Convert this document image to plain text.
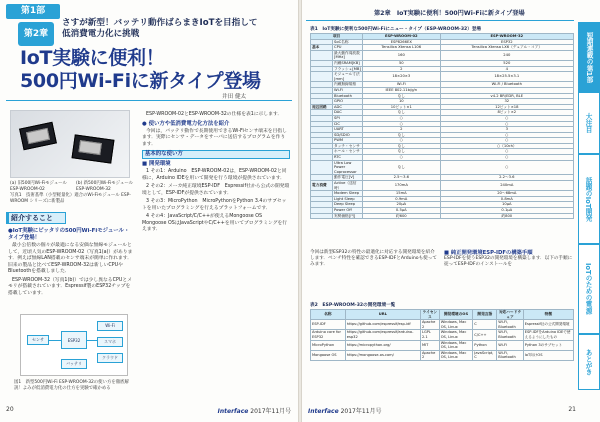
第1部
第2章
さすが新型！バッテリ動作ばらまきIoTを目指して
低消費電力化に挑戦
IoT実験に便利！
500円Wi-Fiに新タイプ登場
井田 健太
(a) 旧500円Wi-Fiモジュール ESP-WROOM-02
(b) 新500円Wi-Fiモジュール ESP-WROOM-32
写真1　技術基準（小型軽量化）適合のWi-Fiモジュール ESP-WROOM シリーズに新製品
紹介すること
●IoT実験にピッタリの500円Wi-Fiモジュール・タイプ登場！

最小公倍数の個々が最適になる安価な無線モジュールとして，近頃人気のESP-WROOM-02（写真1(a)）があります．例えば無線LAN搭載のセンサ端末が簡単に作れます．旧来の製品と比べてESP-WROOM-32は新しいCPUやBluetoothを搭載しました．

ESP-WROOM-32（写真1(b)）では少し異なるCPUとメモリが搭載されています．Espressif製のESP32チップを搭載しています．

センサ	ESP32
Wi-Fi
スマホ
クラウド
バッテリ
図1　新型500円Wi-Fi ESP-WROOM-32の使い方を徹底解説！よみが低消費電力化の仕方を実験で確かめる

ESP-WROOM-02とESP-WROOM-32の仕様を表1に示します．

● 使い方や低消費電力化方法を紹介

今回は，バッテリ動作で長期使用できるWi-Fiセンサ端末を目指します．実際にセンサ・データをサーバに送信するプログラムを作ります．

基本的な使い方
■ 開発環境

1 その1：Arduino　ESP-WROOM-02は，ESP-WROOM-02と同様に，Arduino IDEを用いて開発を行う環境が提供されています．

2 その2：メーカ純正環境ESP-IDF　Espressif社から公式の開発環境として，ESP-IDFが提供されています．

3 その3：MicroPython　MicroPythonをPython 3.4のサブセットを用いたプログラミングを行えるプラットフォームです．

4 その4：JavaScript/C/C++が使えるMongoose OS　Mongoose OSはJavaScriptやC/C++を用いてプログラミングを行えます．

20	Interface 2017年11月号
第2章　IoT実験に便利！500円Wi-Fiに新タイプ登場
表1　IoT実験に便利な500円Wi-Fiにニュー・タイプ（ESP-WROOM-32）登場
項目		ESP-WROOM-02	ESP-WROOM-32
	SoC名称	ESP8266EX	ESP32
基本	CPU	Tensilica Xtensa L106	Tensilica Xtensa LX6（デュアル・コア）
	最大動作周波数[MHz]	160	240
	内蔵SRAM[KB]	50	520
	フラッシュ[MB]	2	4
	モジュール寸法[mm]	18×20×3	18×25.5×3.1
	内蔵無線規格	Wi-Fi	Wi-Fi / Bluetooth
	Wi-Fi	IEEE 802.11b/g/n	
	Bluetooth	なし	v4.2 BR/EDR, BLE
	GPIO	10	32
周辺回路	ADC	10ビット×1	12ビット×18
	DAC	なし	8ビット×2
	SPI	○	○
	I2C	○	○
	UART	2	3
	SD/SDIO	なし	○
	PWM	○	○
	タッチ・センサ	なし	○（10ch）
	ホール・センサ	なし	○
	RTC	○	○
	Ultra Low Power Coprocessor	なし	○
	動作電圧[V]	2.5〜3.6	2.2〜3.6
電力消費	Active（送信時）	170mA	240mA
	Modem Sleep	15mA	20〜68mA
	Light Sleep	0.9mA	0.8mA
	Deep Sleep	20μA	10μA
	Power Off	0.5μA	0.1μA
	実勢価格[円]	約600	約800
今回は新型ESP32の特性の最適化に対応する開発環境を紹介します．ベンチ特性を確認できるESP-IDFとArduinoも使ってみます．
■ 純正開発環境ESP-IDFの構築手順
ESP-IDFを使うESP32の開発環境を構築します．以下の手順に従ってESP-IDFのインストールを
表2　ESP-WROOM-32の開発環境一覧
名称	URL	ライセンス	開発環境のOS	開発言語	対応ハードウェア	特徴
ESP-IDF	https://github.com/espressif/esp-idf	Apache 2	Windows, Mac OS, Linux	C	Wi-Fi, Bluetooth	Espressif社の公式開発環境
Arduino core for ESP32	https://github.com/espressif/arduino-esp32	LGPL 2.1	Windows, Mac OS, Linux	C/C++	Wi-Fi, Bluetooth	ESP-IDFをArduino IDEで使えるようにしたもの
MicroPython	https://micropython.org/	MIT	Windows, Mac OS, Linux	Python	Wi-Fi	Python 3のサブセット
Mongoose OS	https://mongoose-os.com/	Apache 2	Windows, Mac OS, Linux	JavaScript, C	Wi-Fi, Bluetooth	IoT向けOS
短期連載の第1部
大注目
話題のIoT開発
IoTのための電源
あとがき
Interface 2017年11月号	21
